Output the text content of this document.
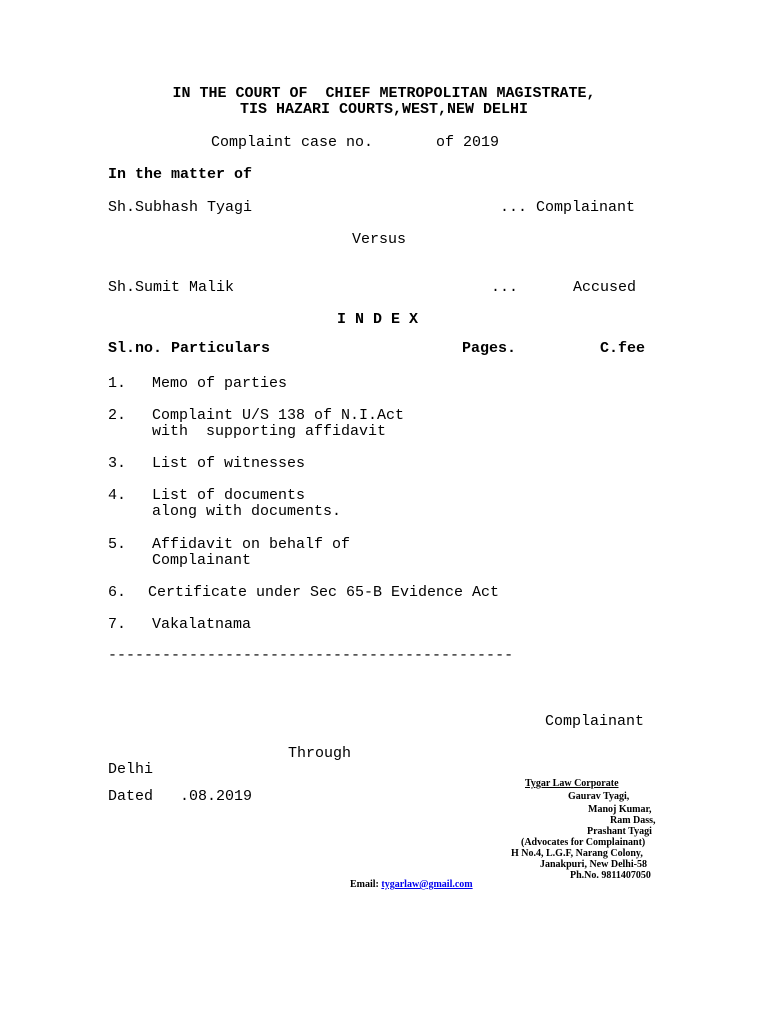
IN THE COURT OF  CHIEF METROPOLITAN MAGISTRATE,
TIS HAZARI COURTS,WEST,NEW DELHI
Complaint case no.       of 2019
In the matter of
Sh.Subhash Tyagi	... Complainant
Versus
Sh.Sumit Malik	...	Accused
I N D E X
Sl.no. Particulars	Pages.	C.fee
1. Memo of parties
2. Complaint U/S 138 of N.I.Act
with  supporting affidavit
3. List of witnesses
4. List of documents
along with documents.
5. Affidavit on behalf of
Complainant
6. Certificate under Sec 65-B Evidence Act
7. Vakalatnama
---------------------------------------------
Complainant
Through
Delhi
Dated   .08.2019
Tygar Law Corporate
Gaurav Tyagi,
Manoj Kumar,
Ram Dass,
Prashant Tyagi
(Advocates for Complainant)
H No.4, L.G.F, Narang Colony,
Janakpuri, New Delhi-58
Ph.No. 9811407050
Email: tygarlaw@gmail.com
